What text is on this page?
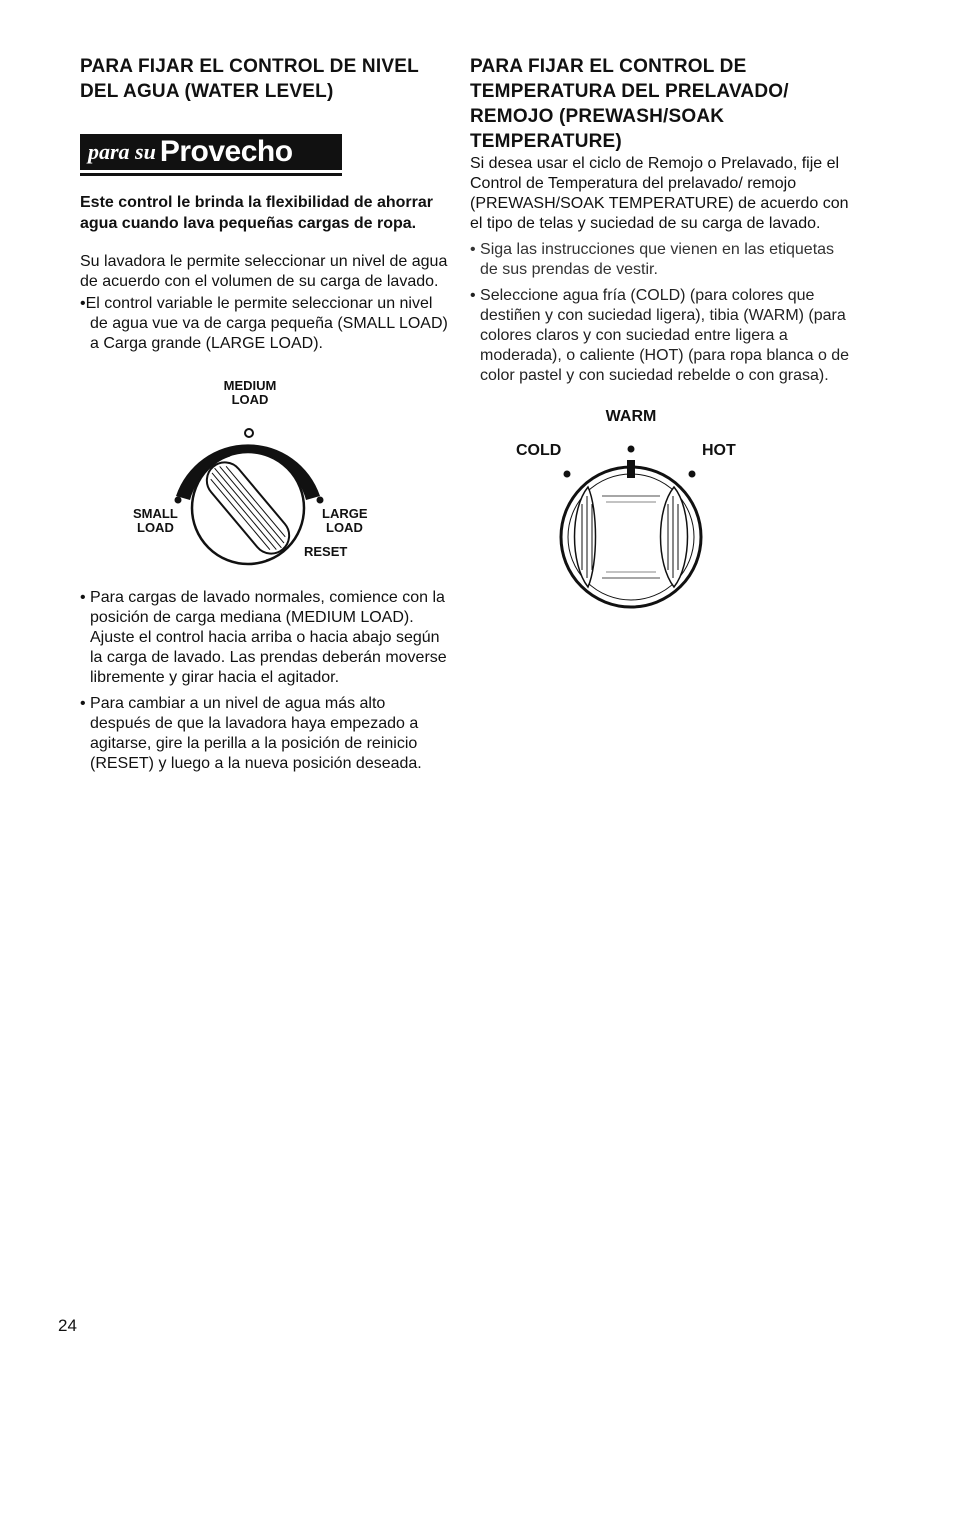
PARA FIJAR EL CONTROL DE NIVEL DEL AGUA (WATER LEVEL)
para su Provecho

Este control le brinda la flexibilidad de ahorrar agua cuando lava pequeñas cargas de ropa.

Su lavadora le permite seleccionar un nivel de agua de acuerdo con el volumen de su carga de lavado.

•El control variable le permite seleccionar un nivel de agua vue va de carga pequeña (SMALL LOAD) a Carga grande (LARGE LOAD).

MEDIUM
LOAD
SMALL
LOAD
LARGE
LOAD
RESET

• Para cargas de lavado normales, comience con la posición de carga mediana (MEDIUM LOAD). Ajuste el control hacia arriba o hacia abajo según la carga de lavado. Las prendas deberán moverse libremente y girar hacia el agitador.

• Para cambiar a un nivel de agua más alto después de que la lavadora haya empezado a agitarse, gire la perilla a la posición de reinicio (RESET) y luego a la nueva posición deseada.

PARA FIJAR EL CONTROL DE TEMPERATURA DEL PRELAVADO/ REMOJO (PREWASH/SOAK TEMPERATURE)

Si desea usar el ciclo de Remojo o Prelavado, fije el Control de Temperatura del prelavado/ remojo (PREWASH/SOAK TEMPERATURE) de acuerdo con el tipo de telas y suciedad de su carga de lavado.

• Siga las instrucciones que vienen en las etiquetas de sus prendas de vestir.

• Seleccione agua fría (COLD) (para colores que destiñen y con suciedad ligera), tibia (WARM) (para colores claros y con suciedad entre ligera a moderada), o caliente (HOT) (para ropa blanca o de color pastel y con suciedad rebelde o con grasa).

WARM
COLD	HOT
24
